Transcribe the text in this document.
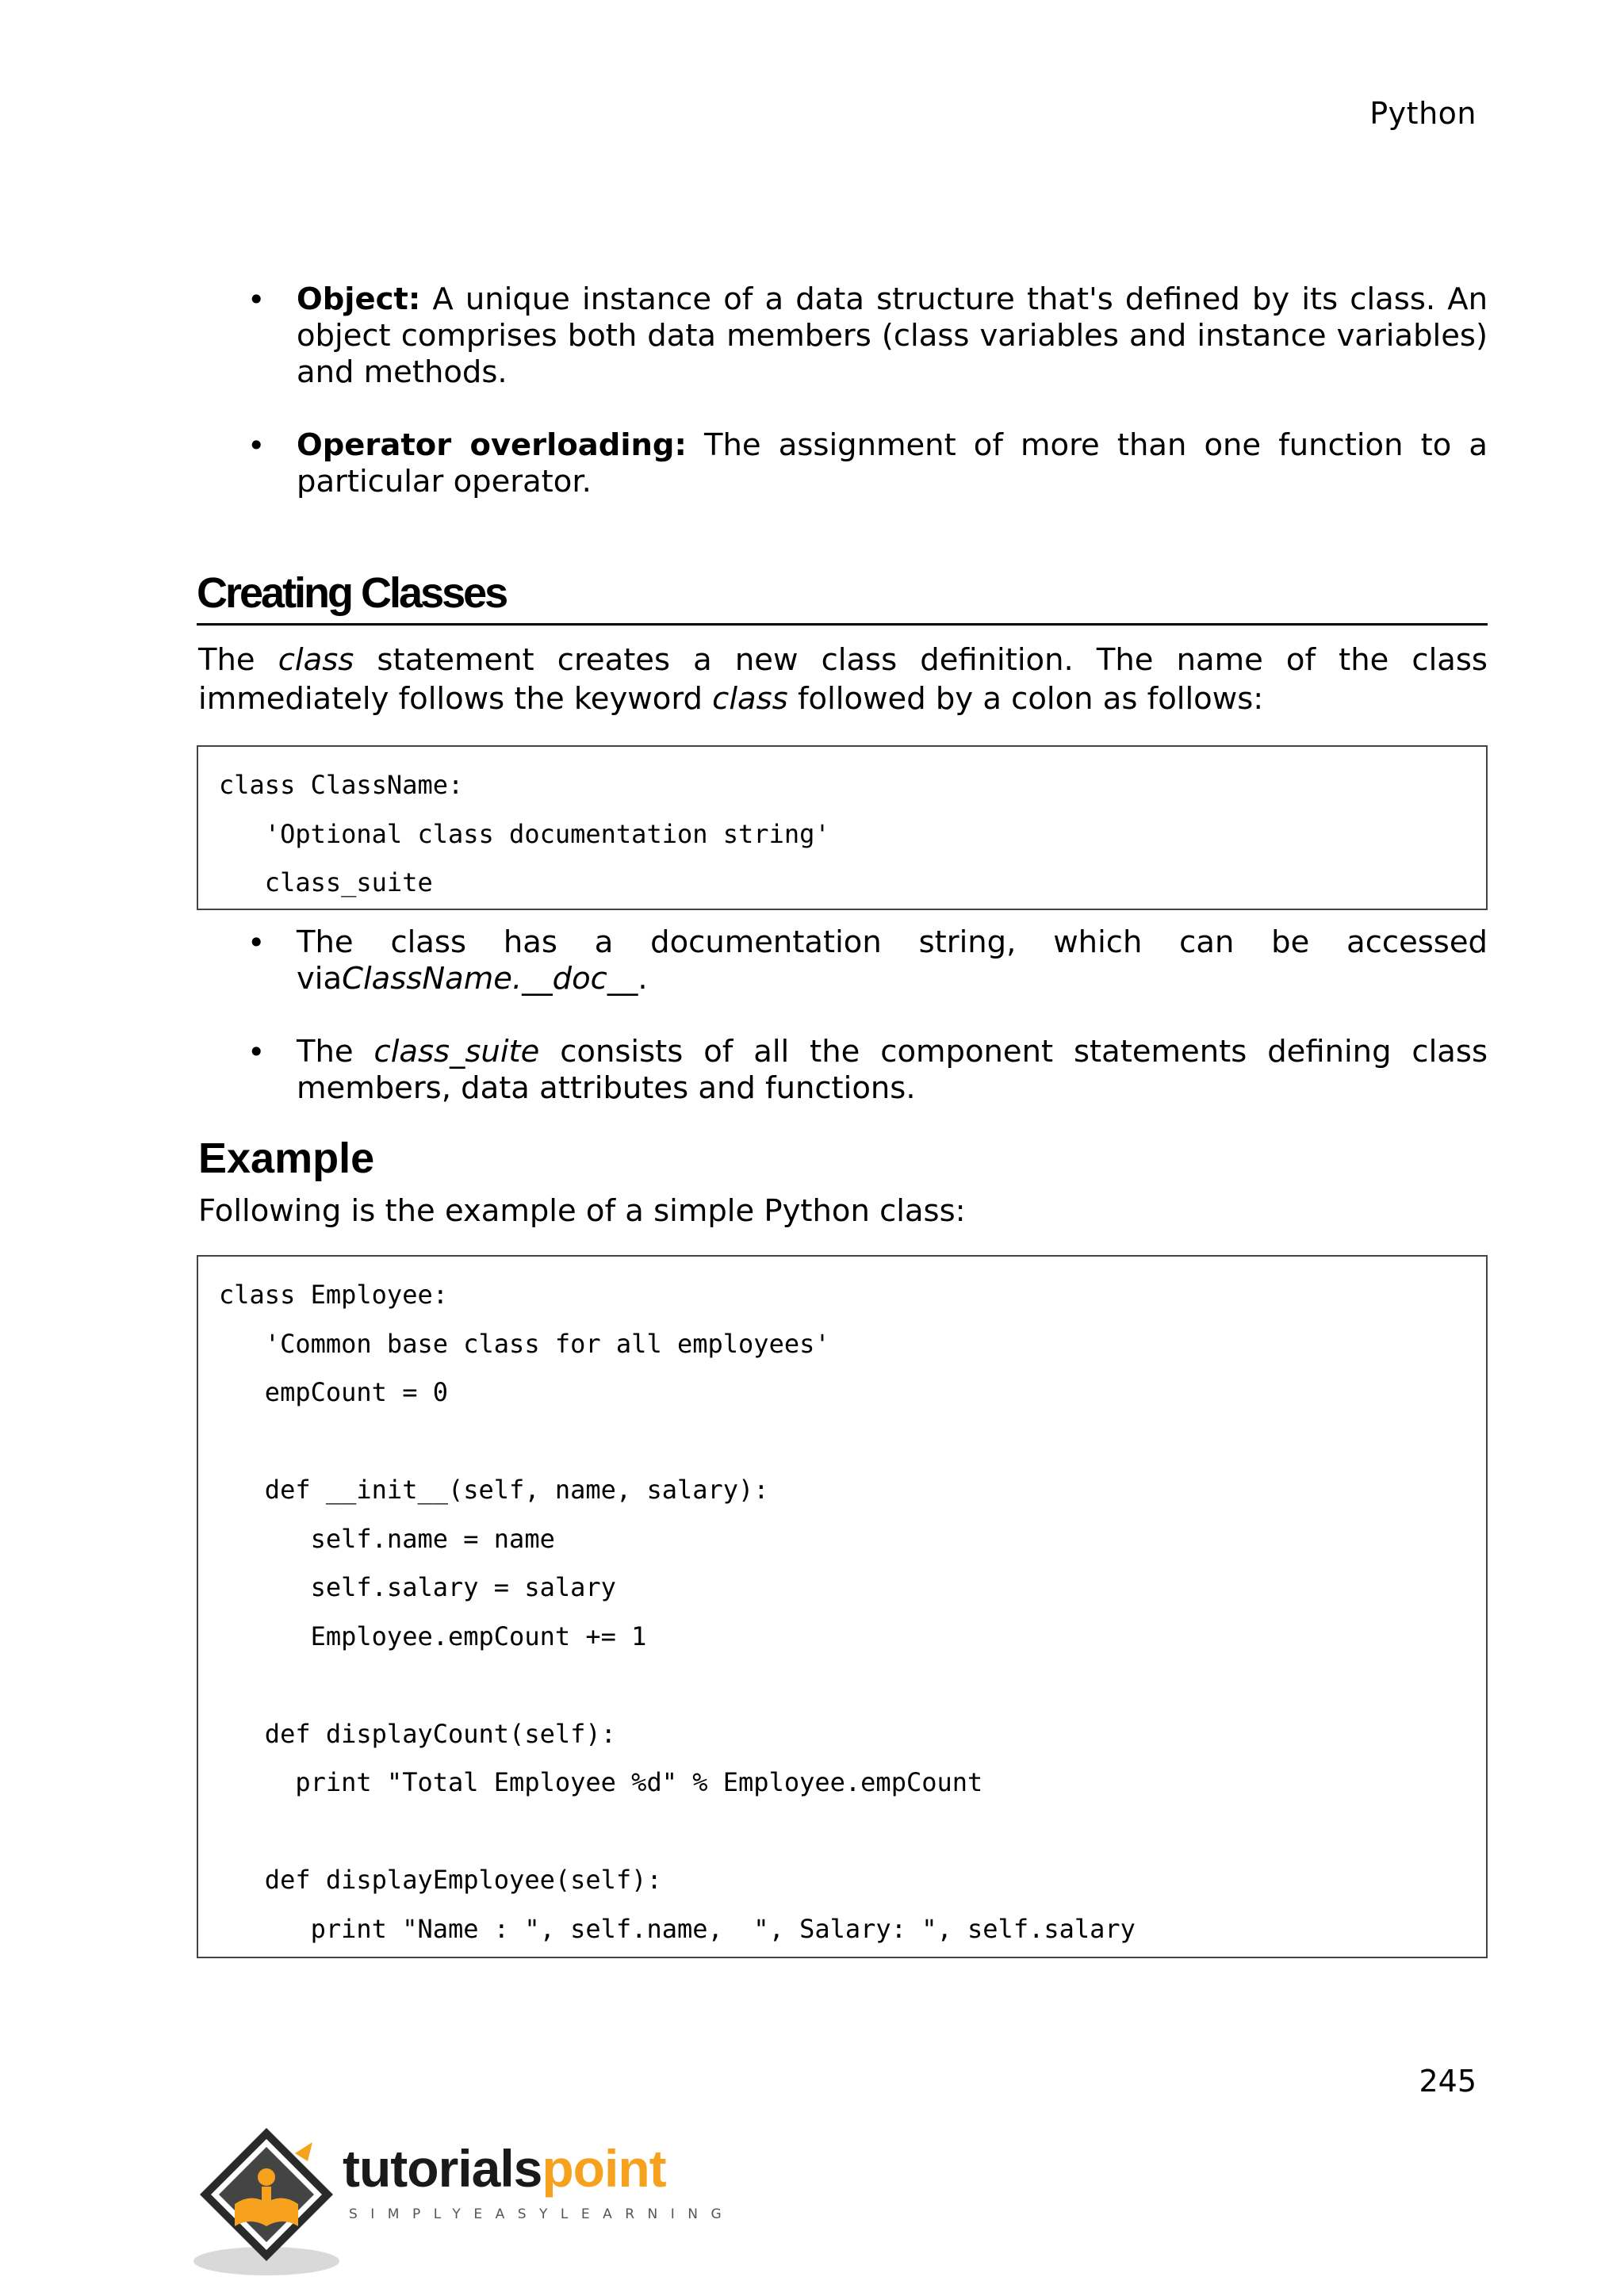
Python
• Object: A unique instance of a data structure that's defined by its class. An object comprises both data members (class variables and instance variables) and methods.
• Operator overloading: The assignment of more than one function to a particular operator.
Creating Classes

The class statement creates a new class definition. The name of the class immediately follows the keyword class followed by a colon as follows:

class ClassName:
'Optional class documentation string'
class_suite
• The class has a documentation string, which can be accessed viaClassName.__doc__.
• The class_suite consists of all the component statements defining class members, data attributes and functions.
Example

Following is the example of a simple Python class:

class Employee:
'Common base class for all employees'
empCount = 0

def __init__(self, name, salary):
self.name = name
self.salary = salary
Employee.empCount += 1

def displayCount(self):
print "Total Employee %d" % Employee.empCount

def displayEmployee(self):
print "Name : ", self.name,  ", Salary: ", self.salary
245
tutorialspoint
SIMPLYEASYLEARNING
